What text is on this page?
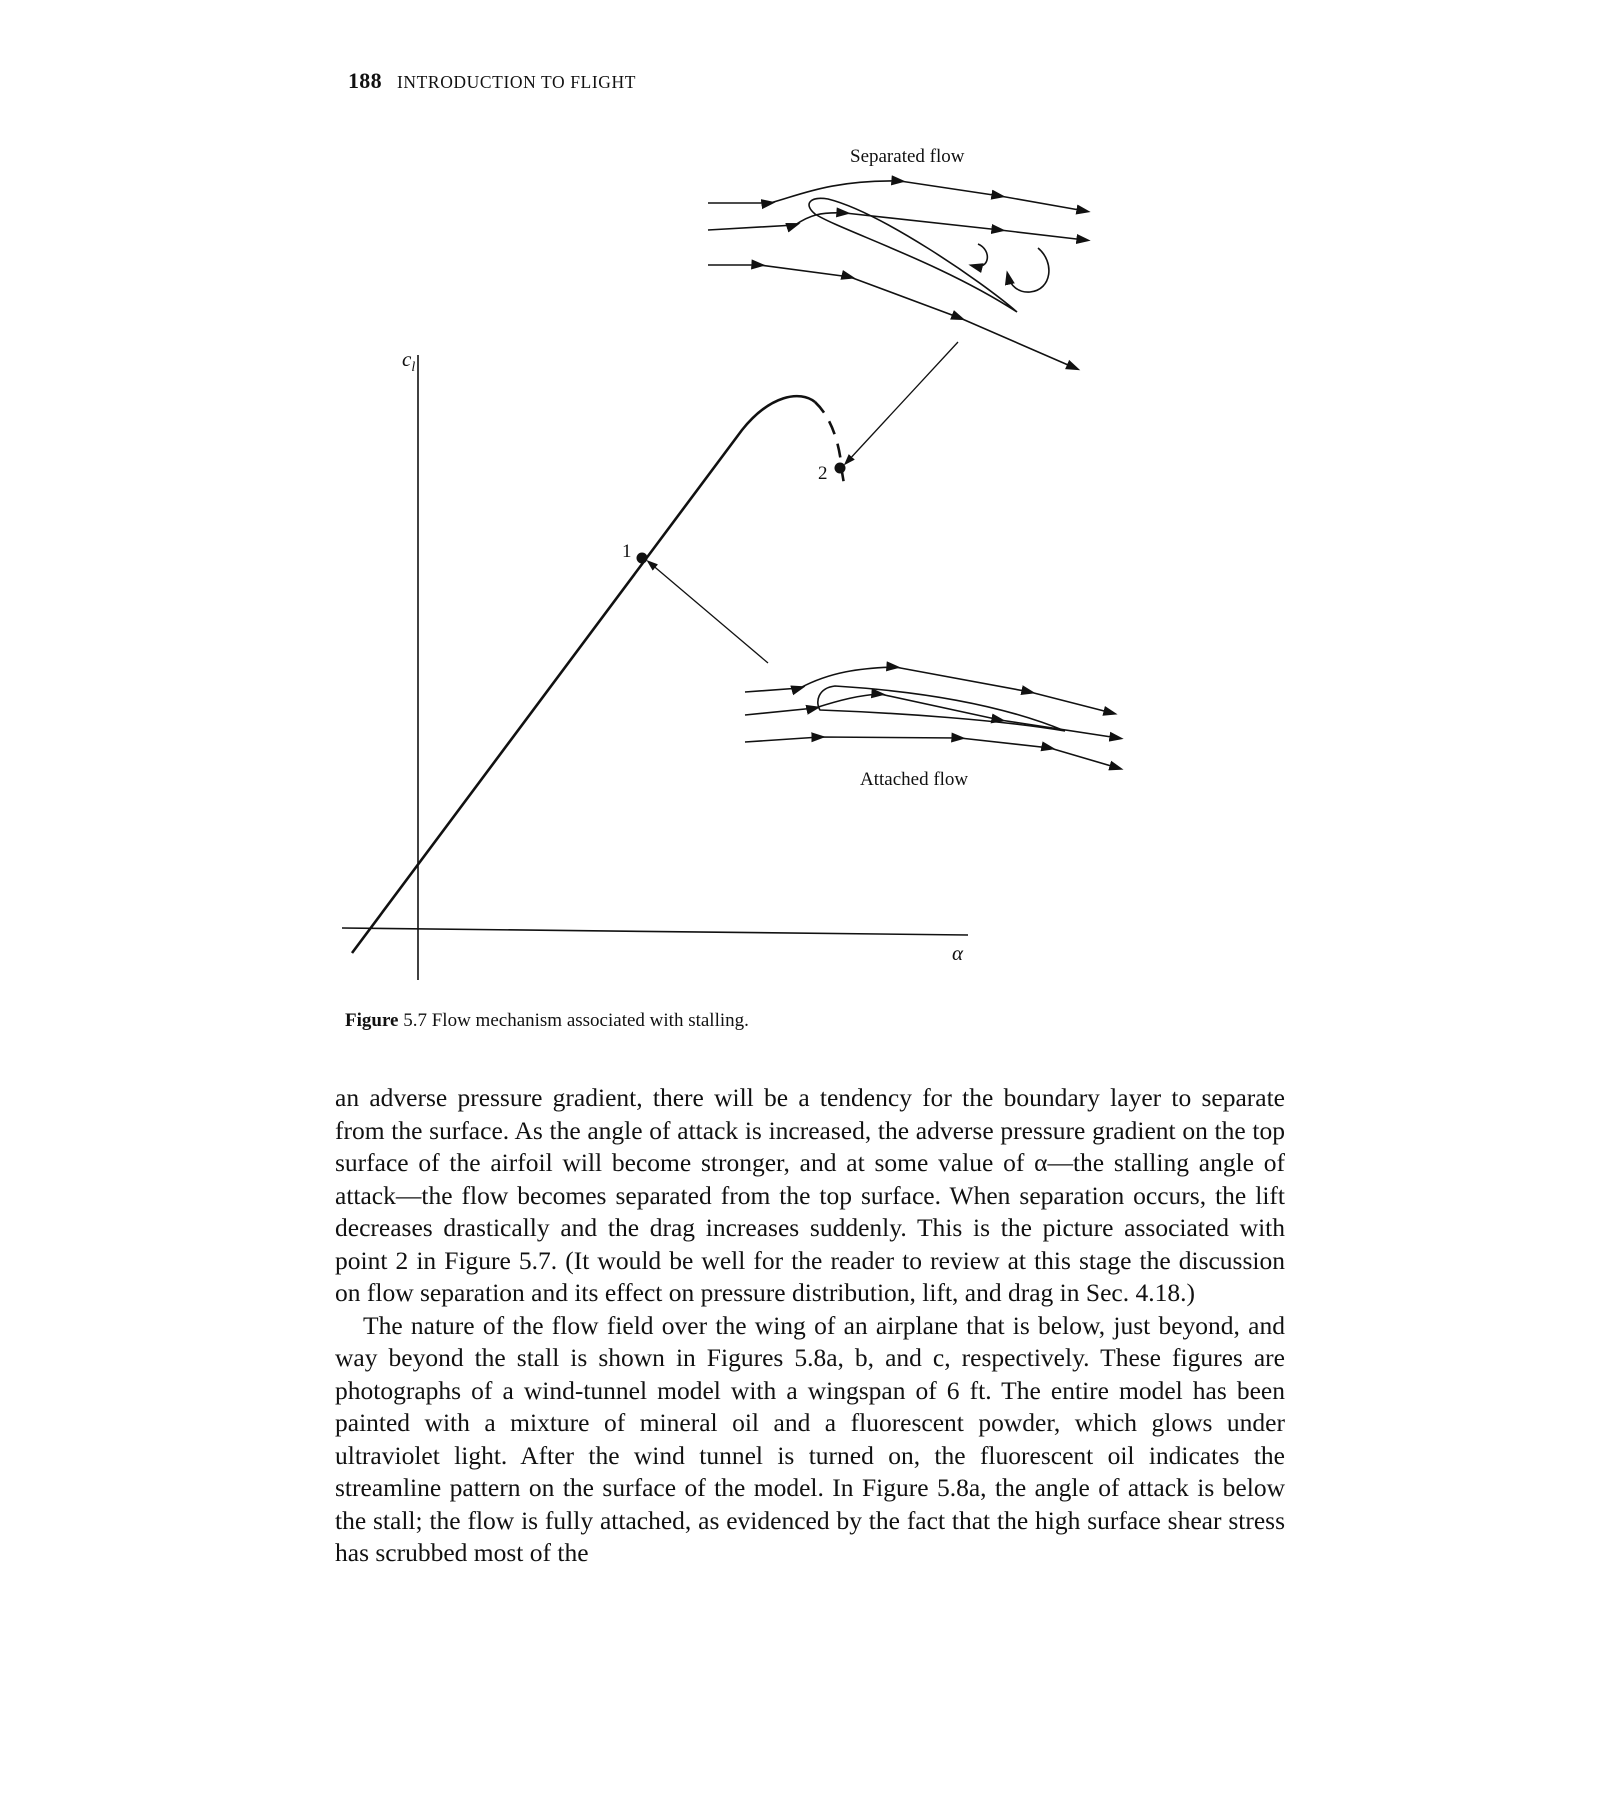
188 INTRODUCTION TO FLIGHT
$c_l$
α
1
2
Separated flow
Attached flow
Figure 5.7 Flow mechanism associated with stalling.

an adverse pressure gradient, there will be a tendency for the boundary layer to separate from the surface. As the angle of attack is increased, the adverse pressure gradient on the top surface of the airfoil will become stronger, and at some value of α—the stalling angle of attack—the flow becomes separated from the top surface. When separation occurs, the lift decreases drastically and the drag increases suddenly. This is the picture associated with point 2 in Figure 5.7. (It would be well for the reader to review at this stage the discussion on flow separation and its effect on pressure distribution, lift, and drag in Sec. 4.18.)

The nature of the flow field over the wing of an airplane that is below, just beyond, and way beyond the stall is shown in Figures 5.8a, b, and c, respectively. These figures are photographs of a wind-tunnel model with a wingspan of 6 ft. The entire model has been painted with a mixture of mineral oil and a fluorescent powder, which glows under ultraviolet light. After the wind tunnel is turned on, the fluorescent oil indicates the streamline pattern on the surface of the model. In Figure 5.8a, the angle of attack is below the stall; the flow is fully attached, as evidenced by the fact that the high surface shear stress has scrubbed most of the
